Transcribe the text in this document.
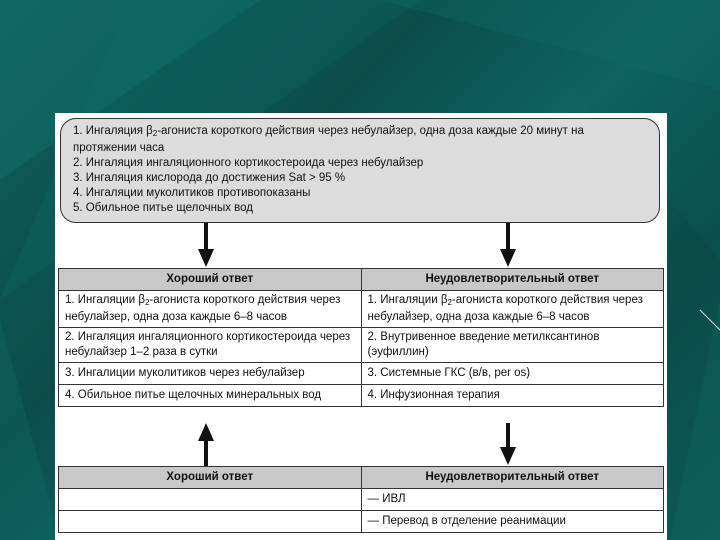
1. Ингаляция $\beta_2$-агониста короткого действия через небулайзер, одна доза каждые 20 минут на протяжении часа
2. Ингаляция ингаляционного кортикостероида через небулайзер
3. Ингаляция кислорода до достижения Sat > 95 %
4. Ингаляции муколитиков противопоказаны
5. Обильное питье щелочных вод
Хороший ответ	Неудовлетворительный ответ
1. Ингаляции $\beta_2$-агониста короткого действия через небулайзер, одна доза каждые 6–8 часов	1. Ингаляции $\beta_2$-агониста короткого действия через небулайзер, одна доза каждые 6–8 часов
2. Ингаляция ингаляционного кортикостероида через небулайзер 1–2 раза в сутки	2. Внутривенное введение метилксантинов (эуфиллин)
3. Ингалиции муколитиков через небулайзер	3. Системные ГКС (в/в, per os)
4. Обильное питье щелочных минеральных вод	4. Инфузионная терапия
Хороший ответ	Неудовлетворительный ответ
	— ИВЛ
	— Перевод в отделение реанимации
